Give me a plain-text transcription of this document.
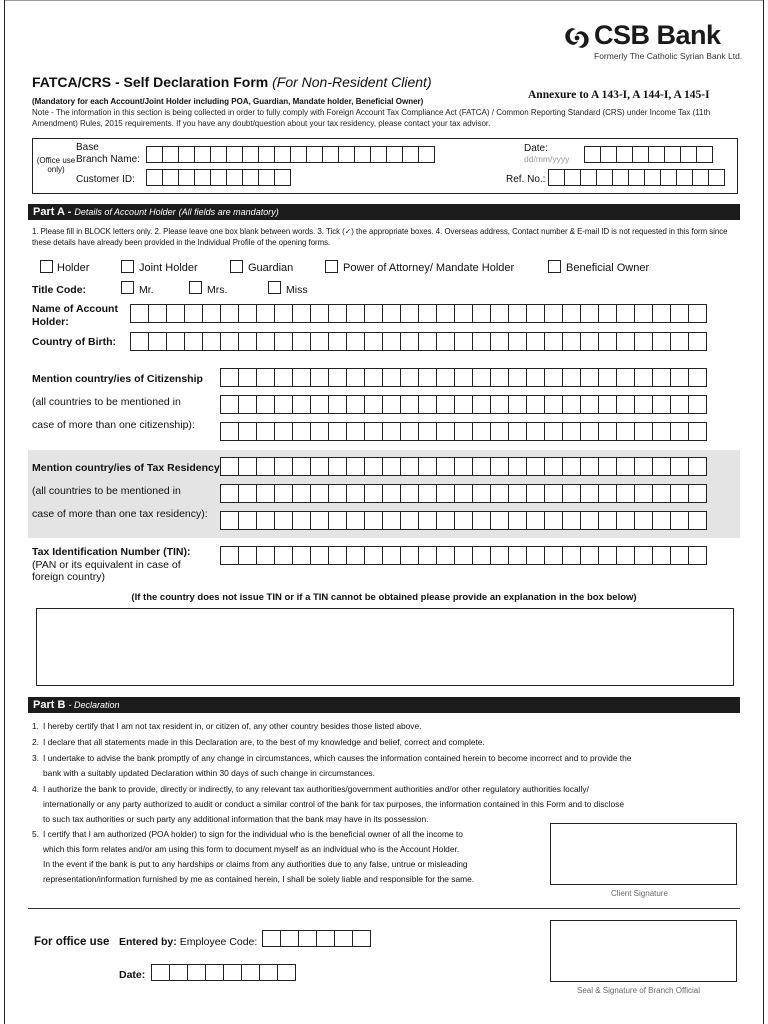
CSB Bank
Formerly The Catholic Syrian Bank Ltd.
FATCA/CRS - Self Declaration Form (For Non-Resident Client)
(Mandatory for each Account/Joint Holder including POA, Guardian, Mandate holder, Beneficial Owner)
Annexure to A 143-I, A 144-I, A 145-I
Note - The information in this section is being collected in order to fully comply with Foreign Account Tax Compliance Act (FATCA) / Common Reporting Standard (CRS) under Income Tax (11th Amendment) Rules, 2015 requirements. If you have any doubt/question about your tax residency, please contact your tax advisor.
(Office use only)
Base
Branch Name:
Customer ID:
Date:
dd/mm/yyyy
Ref. No.:
Part A - Details of Account Holder (All fields are mandatory)
1. Please fill in BLOCK letters only. 2. Please leave one box blank between words. 3. Tick (✓) the appropriate boxes. 4. Overseas address, Contact number & E-mail ID is not requested in this form since these details have already been provided in the Individual Profile of the opening forms.
Holder	Joint Holder	Guardian	Power of Attorney/ Mandate Holder	Beneficial Owner
Title Code:	Mr.	Mrs.	Miss
Name of Account
Holder:
Country of Birth:
Mention country/ies of Citizenship
(all countries to be mentioned in
case of more than one citizenship):
Mention country/ies of Tax Residency
(all countries to be mentioned in
case of more than one tax residency):
Tax Identification Number (TIN):
(PAN or its equivalent in case of
foreign country)
(If the country does not issue TIN or if a TIN cannot be obtained please provide an explanation in the box below)
Part B - Declaration
1. I hereby certify that I am not tax resident in, or citizen of, any other country besides those listed above.
2. I declare that all statements made in this Declaration are, to the best of my knowledge and belief, correct and complete.
3. I undertake to advise the bank promptly of any change in circumstances, which causes the information contained herein to become incorrect and to provide the
bank with a suitably updated Declaration within 30 days of such change in circumstances.
4. I authorize the bank to provide, directly or indirectly, to any relevant tax authorities/government authorities and/or other regulatory authorities locally/
internationally or any party authorized to audit or conduct a similar control of the bank for tax purposes, the information contained in this Form and to disclose
to such tax authorities or such party any additional information that the bank may have in its possession.
5. I certify that I am authorized (POA holder) to sign for the individual who is the beneficial owner of all the income to
which this form relates and/or am using this form to document myself as an individual who is the Account Holder.
In the event if the bank is put to any hardships or claims from any authorities due to any false, untrue or misleading
representation/information furnished by me as contained herein, I shall be solely liable and responsible for the same.
Client Signature
For office use Entered by: Employee Code:
Date:
Seal & Signature of Branch Official
